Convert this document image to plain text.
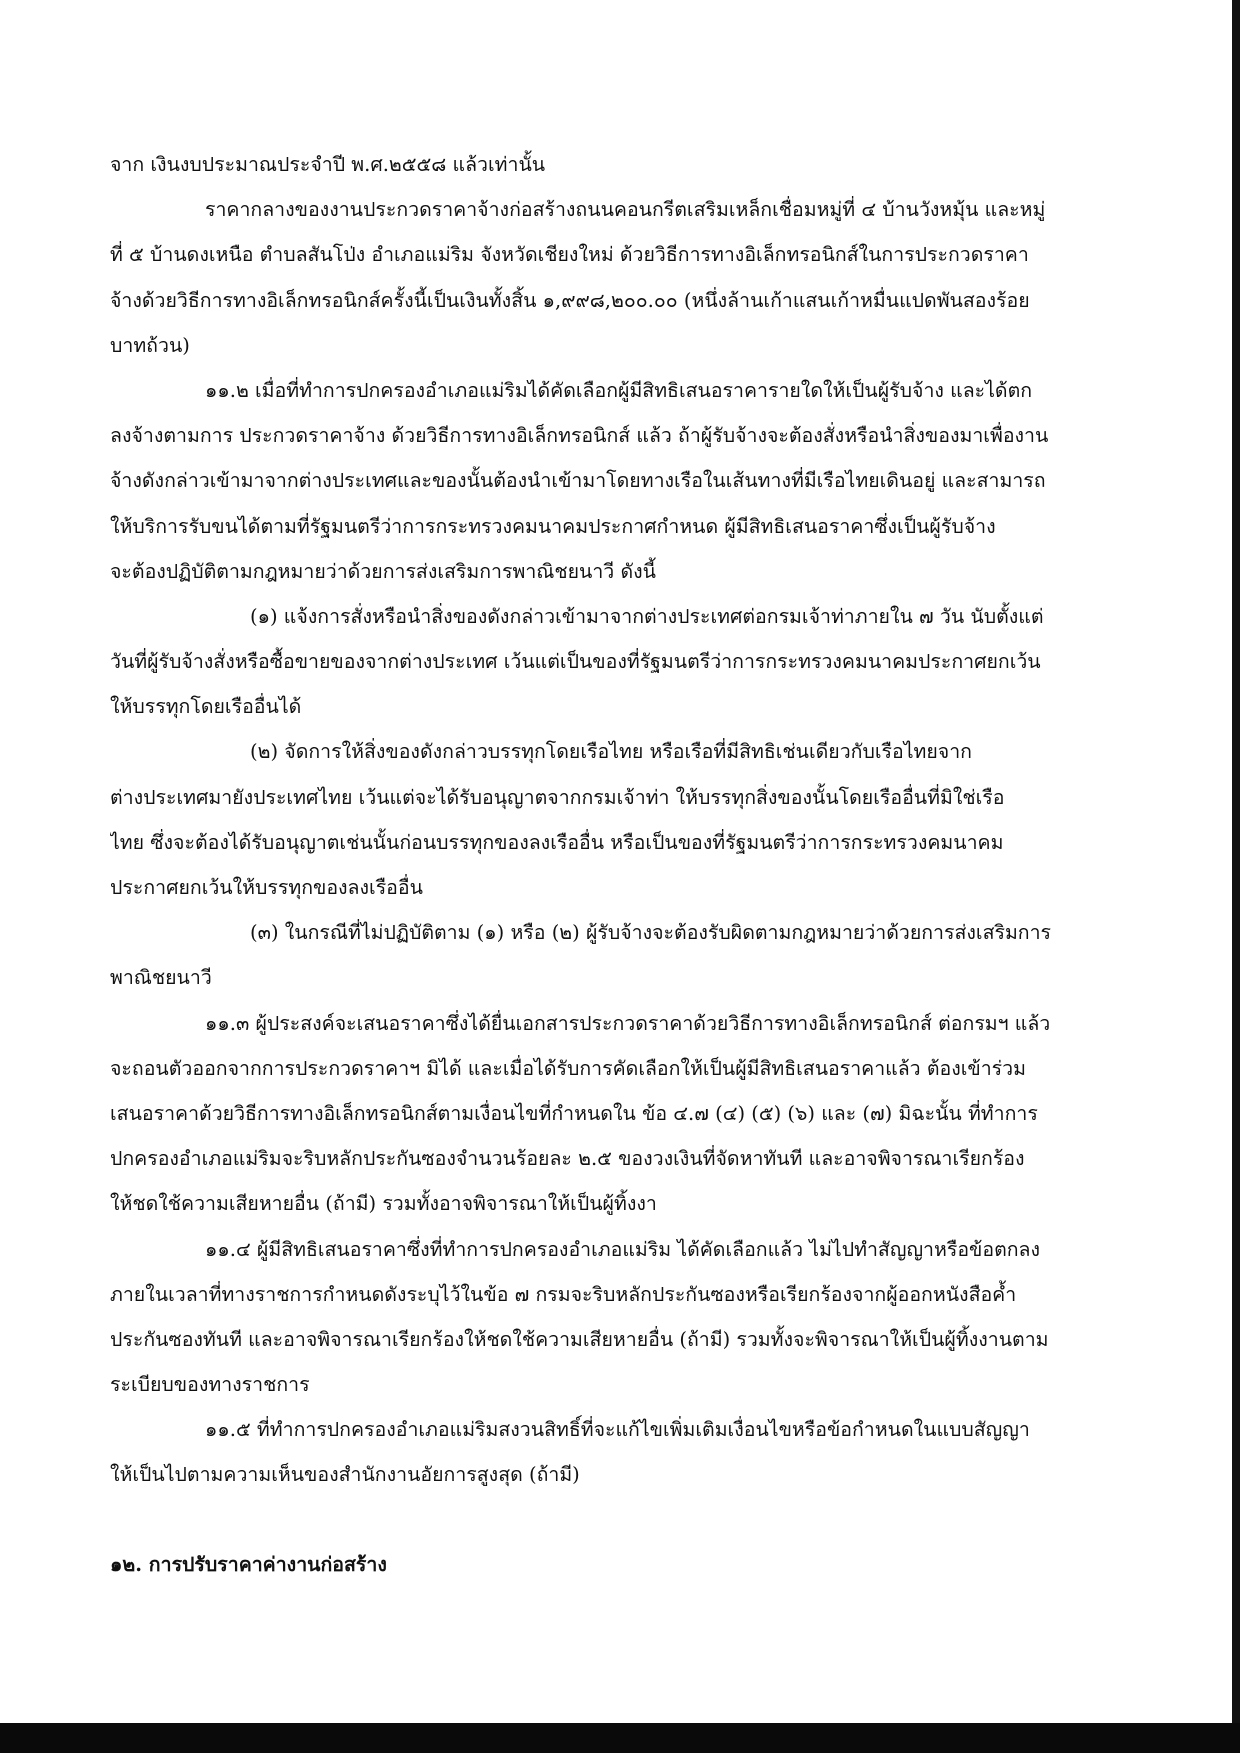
จาก เงินงบประมาณประจำปี พ.ศ.๒๕๕๘ แล้วเท่านั้น
ราคากลางของงานประกวดราคาจ้างก่อสร้างถนนคอนกรีตเสริมเหล็กเชื่อมหมู่ที่ ๔ บ้านวังหมุ้น และหมู่
ที่ ๕ บ้านดงเหนือ ตำบลสันโป่ง อำเภอแม่ริม จังหวัดเชียงใหม่ ด้วยวิธีการทางอิเล็กทรอนิกส์ในการประกวดราคา
จ้างด้วยวิธีการทางอิเล็กทรอนิกส์ครั้งนี้เป็นเงินทั้งสิ้น ๑,๙๙๘,๒๐๐.๐๐ (หนึ่งล้านเก้าแสนเก้าหมื่นแปดพันสองร้อย
บาทถ้วน)
๑๑.๒ เมื่อที่ทำการปกครองอำเภอแม่ริมได้คัดเลือกผู้มีสิทธิเสนอราคารายใดให้เป็นผู้รับจ้าง และได้ตก
ลงจ้างตามการ ประกวดราคาจ้าง ด้วยวิธีการทางอิเล็กทรอนิกส์ แล้ว ถ้าผู้รับจ้างจะต้องสั่งหรือนำสิ่งของมาเพื่องาน
จ้างดังกล่าวเข้ามาจากต่างประเทศและของนั้นต้องนำเข้ามาโดยทางเรือในเส้นทางที่มีเรือไทยเดินอยู่ และสามารถ
ให้บริการรับขนได้ตามที่รัฐมนตรีว่าการกระทรวงคมนาคมประกาศกำหนด ผู้มีสิทธิเสนอราคาซึ่งเป็นผู้รับจ้าง
จะต้องปฏิบัติตามกฎหมายว่าด้วยการส่งเสริมการพาณิชยนาวี ดังนี้
(๑) แจ้งการสั่งหรือนำสิ่งของดังกล่าวเข้ามาจากต่างประเทศต่อกรมเจ้าท่าภายใน ๗ วัน นับตั้งแต่
วันที่ผู้รับจ้างสั่งหรือซื้อขายของจากต่างประเทศ เว้นแต่เป็นของที่รัฐมนตรีว่าการกระทรวงคมนาคมประกาศยกเว้น
ให้บรรทุกโดยเรืออื่นได้
(๒) จัดการให้สิ่งของดังกล่าวบรรทุกโดยเรือไทย หรือเรือที่มีสิทธิเช่นเดียวกับเรือไทยจาก
ต่างประเทศมายังประเทศไทย เว้นแต่จะได้รับอนุญาตจากกรมเจ้าท่า ให้บรรทุกสิ่งของนั้นโดยเรืออื่นที่มิใช่เรือ
ไทย ซึ่งจะต้องได้รับอนุญาตเช่นนั้นก่อนบรรทุกของลงเรืออื่น หรือเป็นของที่รัฐมนตรีว่าการกระทรวงคมนาคม
ประกาศยกเว้นให้บรรทุกของลงเรืออื่น
(๓) ในกรณีที่ไม่ปฏิบัติตาม (๑) หรือ (๒) ผู้รับจ้างจะต้องรับผิดตามกฎหมายว่าด้วยการส่งเสริมการ
พาณิชยนาวี
๑๑.๓ ผู้ประสงค์จะเสนอราคาซึ่งได้ยื่นเอกสารประกวดราคาด้วยวิธีการทางอิเล็กทรอนิกส์ ต่อกรมฯ แล้ว
จะถอนตัวออกจากการประกวดราคาฯ มิได้ และเมื่อได้รับการคัดเลือกให้เป็นผู้มีสิทธิเสนอราคาแล้ว ต้องเข้าร่วม
เสนอราคาด้วยวิธีการทางอิเล็กทรอนิกส์ตามเงื่อนไขที่กำหนดใน ข้อ ๔.๗ (๔) (๕) (๖) และ (๗) มิฉะนั้น ที่ทำการ
ปกครองอำเภอแม่ริมจะริบหลักประกันซองจำนวนร้อยละ ๒.๕ ของวงเงินที่จัดหาทันที และอาจพิจารณาเรียกร้อง
ให้ชดใช้ความเสียหายอื่น (ถ้ามี) รวมทั้งอาจพิจารณาให้เป็นผู้ทิ้งงา
๑๑.๔ ผู้มีสิทธิเสนอราคาซึ่งที่ทำการปกครองอำเภอแม่ริม ได้คัดเลือกแล้ว ไม่ไปทำสัญญาหรือข้อตกลง
ภายในเวลาที่ทางราชการกำหนดดังระบุไว้ในข้อ ๗ กรมจะริบหลักประกันซองหรือเรียกร้องจากผู้ออกหนังสือค้ำ
ประกันซองทันที และอาจพิจารณาเรียกร้องให้ชดใช้ความเสียหายอื่น (ถ้ามี) รวมทั้งจะพิจารณาให้เป็นผู้ทิ้งงานตาม
ระเบียบของทางราชการ
๑๑.๕ ที่ทำการปกครองอำเภอแม่ริมสงวนสิทธิ์ที่จะแก้ไขเพิ่มเติมเงื่อนไขหรือข้อกำหนดในแบบสัญญา
ให้เป็นไปตามความเห็นของสำนักงานอัยการสูงสุด (ถ้ามี)
๑๒. การปรับราคาค่างานก่อสร้าง
